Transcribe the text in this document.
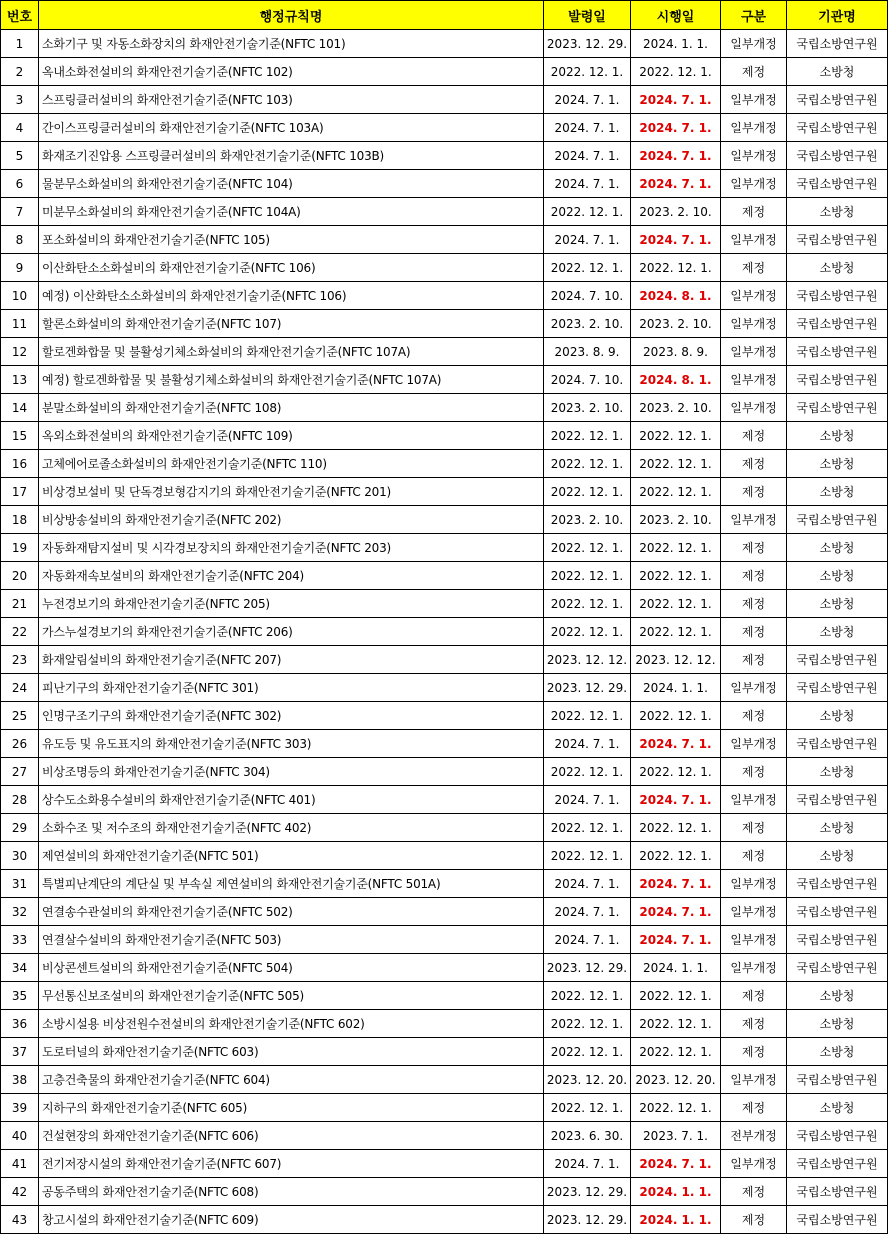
번호	행정규칙명	발령일	시행일	구분	기관명
1	소화기구 및 자동소화장치의 화재안전기술기준(NFTC 101)	2023. 12. 29.	2024. 1. 1.	일부개정	국립소방연구원
2	옥내소화전설비의 화재안전기술기준(NFTC 102)	2022. 12. 1.	2022. 12. 1.	제정	소방청
3	스프링클러설비의 화재안전기술기준(NFTC 103)	2024. 7. 1.	2024. 7. 1.	일부개정	국립소방연구원
4	간이스프링클러설비의 화재안전기술기준(NFTC 103A)	2024. 7. 1.	2024. 7. 1.	일부개정	국립소방연구원
5	화재조기진압용 스프링클러설비의 화재안전기술기준(NFTC 103B)	2024. 7. 1.	2024. 7. 1.	일부개정	국립소방연구원
6	물분무소화설비의 화재안전기술기준(NFTC 104)	2024. 7. 1.	2024. 7. 1.	일부개정	국립소방연구원
7	미분무소화설비의 화재안전기술기준(NFTC 104A)	2022. 12. 1.	2023. 2. 10.	제정	소방청
8	포소화설비의 화재안전기술기준(NFTC 105)	2024. 7. 1.	2024. 7. 1.	일부개정	국립소방연구원
9	이산화탄소소화설비의 화재안전기술기준(NFTC 106)	2022. 12. 1.	2022. 12. 1.	제정	소방청
10	예정) 이산화탄소소화설비의 화재안전기술기준(NFTC 106)	2024. 7. 10.	2024. 8. 1.	일부개정	국립소방연구원
11	할론소화설비의 화재안전기술기준(NFTC 107)	2023. 2. 10.	2023. 2. 10.	일부개정	국립소방연구원
12	할로겐화합물 및 불활성기체소화설비의 화재안전기술기준(NFTC 107A)	2023. 8. 9.	2023. 8. 9.	일부개정	국립소방연구원
13	예정) 할로겐화합물 및 불활성기체소화설비의 화재안전기술기준(NFTC 107A)	2024. 7. 10.	2024. 8. 1.	일부개정	국립소방연구원
14	분말소화설비의 화재안전기술기준(NFTC 108)	2023. 2. 10.	2023. 2. 10.	일부개정	국립소방연구원
15	옥외소화전설비의 화재안전기술기준(NFTC 109)	2022. 12. 1.	2022. 12. 1.	제정	소방청
16	고체에어로졸소화설비의 화재안전기술기준(NFTC 110)	2022. 12. 1.	2022. 12. 1.	제정	소방청
17	비상경보설비 및 단독경보형감지기의 화재안전기술기준(NFTC 201)	2022. 12. 1.	2022. 12. 1.	제정	소방청
18	비상방송설비의 화재안전기술기준(NFTC 202)	2023. 2. 10.	2023. 2. 10.	일부개정	국립소방연구원
19	자동화재탐지설비 및 시각경보장치의 화재안전기술기준(NFTC 203)	2022. 12. 1.	2022. 12. 1.	제정	소방청
20	자동화재속보설비의 화재안전기술기준(NFTC 204)	2022. 12. 1.	2022. 12. 1.	제정	소방청
21	누전경보기의 화재안전기술기준(NFTC 205)	2022. 12. 1.	2022. 12. 1.	제정	소방청
22	가스누설경보기의 화재안전기술기준(NFTC 206)	2022. 12. 1.	2022. 12. 1.	제정	소방청
23	화재알림설비의 화재안전기술기준(NFTC 207)	2023. 12. 12.	2023. 12. 12.	제정	국립소방연구원
24	피난기구의 화재안전기술기준(NFTC 301)	2023. 12. 29.	2024. 1. 1.	일부개정	국립소방연구원
25	인명구조기구의 화재안전기술기준(NFTC 302)	2022. 12. 1.	2022. 12. 1.	제정	소방청
26	유도등 및 유도표지의 화재안전기술기준(NFTC 303)	2024. 7. 1.	2024. 7. 1.	일부개정	국립소방연구원
27	비상조명등의 화재안전기술기준(NFTC 304)	2022. 12. 1.	2022. 12. 1.	제정	소방청
28	상수도소화용수설비의 화재안전기술기준(NFTC 401)	2024. 7. 1.	2024. 7. 1.	일부개정	국립소방연구원
29	소화수조 및 저수조의 화재안전기술기준(NFTC 402)	2022. 12. 1.	2022. 12. 1.	제정	소방청
30	제연설비의 화재안전기술기준(NFTC 501)	2022. 12. 1.	2022. 12. 1.	제정	소방청
31	특별피난계단의 계단실 및 부속실 제연설비의 화재안전기술기준(NFTC 501A)	2024. 7. 1.	2024. 7. 1.	일부개정	국립소방연구원
32	연결송수관설비의 화재안전기술기준(NFTC 502)	2024. 7. 1.	2024. 7. 1.	일부개정	국립소방연구원
33	연결살수설비의 화재안전기술기준(NFTC 503)	2024. 7. 1.	2024. 7. 1.	일부개정	국립소방연구원
34	비상콘센트설비의 화재안전기술기준(NFTC 504)	2023. 12. 29.	2024. 1. 1.	일부개정	국립소방연구원
35	무선통신보조설비의 화재안전기술기준(NFTC 505)	2022. 12. 1.	2022. 12. 1.	제정	소방청
36	소방시설용 비상전원수전설비의 화재안전기술기준(NFTC 602)	2022. 12. 1.	2022. 12. 1.	제정	소방청
37	도로터널의 화재안전기술기준(NFTC 603)	2022. 12. 1.	2022. 12. 1.	제정	소방청
38	고층건축물의 화재안전기술기준(NFTC 604)	2023. 12. 20.	2023. 12. 20.	일부개정	국립소방연구원
39	지하구의 화재안전기술기준(NFTC 605)	2022. 12. 1.	2022. 12. 1.	제정	소방청
40	건설현장의 화재안전기술기준(NFTC 606)	2023. 6. 30.	2023. 7. 1.	전부개정	국립소방연구원
41	전기저장시설의 화재안전기술기준(NFTC 607)	2024. 7. 1.	2024. 7. 1.	일부개정	국립소방연구원
42	공동주택의 화재안전기술기준(NFTC 608)	2023. 12. 29.	2024. 1. 1.	제정	국립소방연구원
43	창고시설의 화재안전기술기준(NFTC 609)	2023. 12. 29.	2024. 1. 1.	제정	국립소방연구원
